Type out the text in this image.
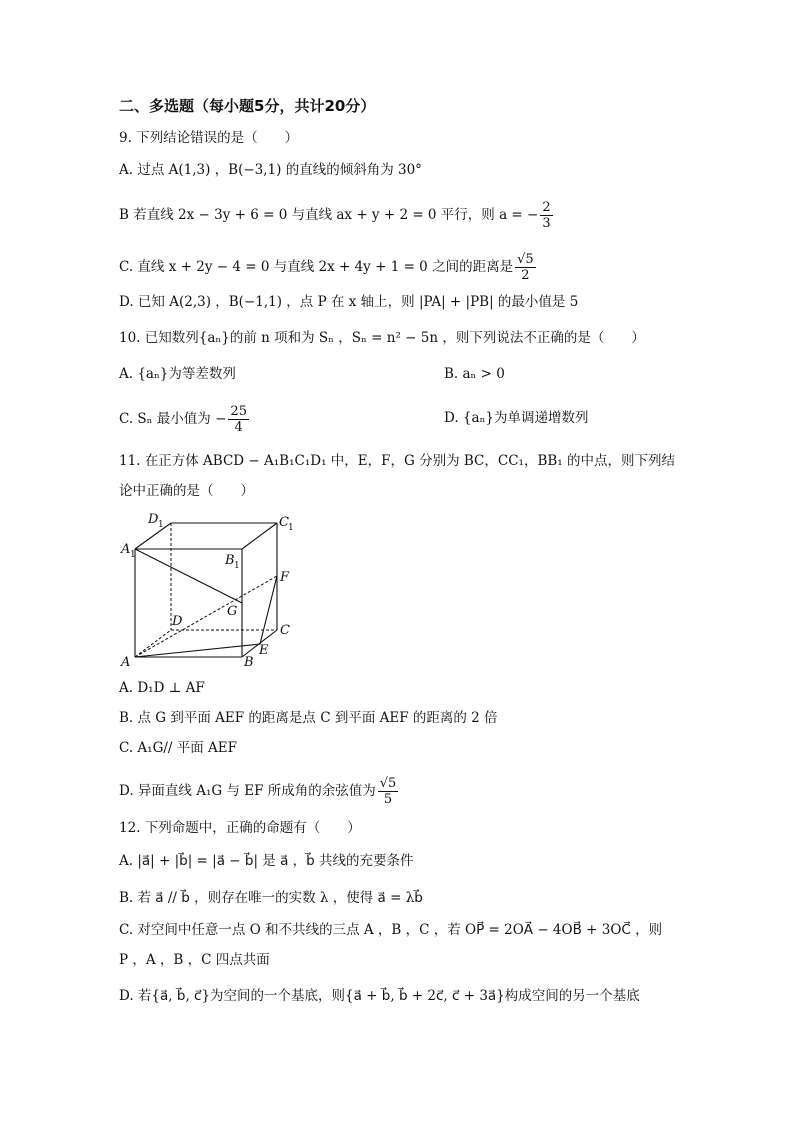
二、多选题（每小题5分，共计20分）
9. 下列结论错误的是（　　）
A. 过点 A(1,3) ，B(−3,1) 的直线的倾斜角为 30°
B 若直线 2x − 3y + 6 = 0 与直线 ax + y + 2 = 0 平行，则 a = − $\frac{2}{3}$
C. 直线 x + 2y − 4 = 0 与直线 2x + 4y + 1 = 0 之间的距离是 $\frac{√5}{2}$
D. 已知 A(2,3) ，B(−1,1) ，点 P 在 x 轴上，则 |PA| + |PB| 的最小值是 5
10. 已知数列{aₙ}的前 n 项和为 Sₙ ，Sₙ = n² − 5n ，则下列说法不正确的是（　　）
A. {aₙ}为等差数列	B. aₙ > 0
C. Sₙ 最小值为 − $\frac{25}{4}$	D. {aₙ}为单调递增数列
11. 在正方体 ABCD − A₁B₁C₁D₁ 中，E，F，G 分别为 BC，CC₁，BB₁ 的中点，则下列结
论中正确的是（　　）
D 1	C 1
A 1	B 1
F
G
D
C
E
A	B
A. D₁D ⊥ AF
B. 点 G 到平面 AEF 的距离是点 C 到平面 AEF 的距离的 2 倍
C. A₁G// 平面 AEF
D. 异面直线 A₁G 与 EF 所成角的余弦值为 $\frac{√5}{5}$
12. 下列命题中，正确的命题有（　　）
A. |a⃗| + |b⃗| = |a⃗ − b⃗| 是 a⃗ ，b⃗ 共线的充要条件
B. 若 a⃗ // b⃗ ，则存在唯一的实数 λ ，使得 a⃗ = λb⃗
C. 对空间中任意一点 O 和不共线的三点 A ，B ，C ，若 OP⃗ = 2OA⃗ − 4OB⃗ + 3OC⃗ ，则
P ，A ，B ，C 四点共面
D. 若{a⃗, b⃗, c⃗}为空间的一个基底，则{a⃗ + b⃗, b⃗ + 2c⃗, c⃗ + 3a⃗}构成空间的另一个基底
